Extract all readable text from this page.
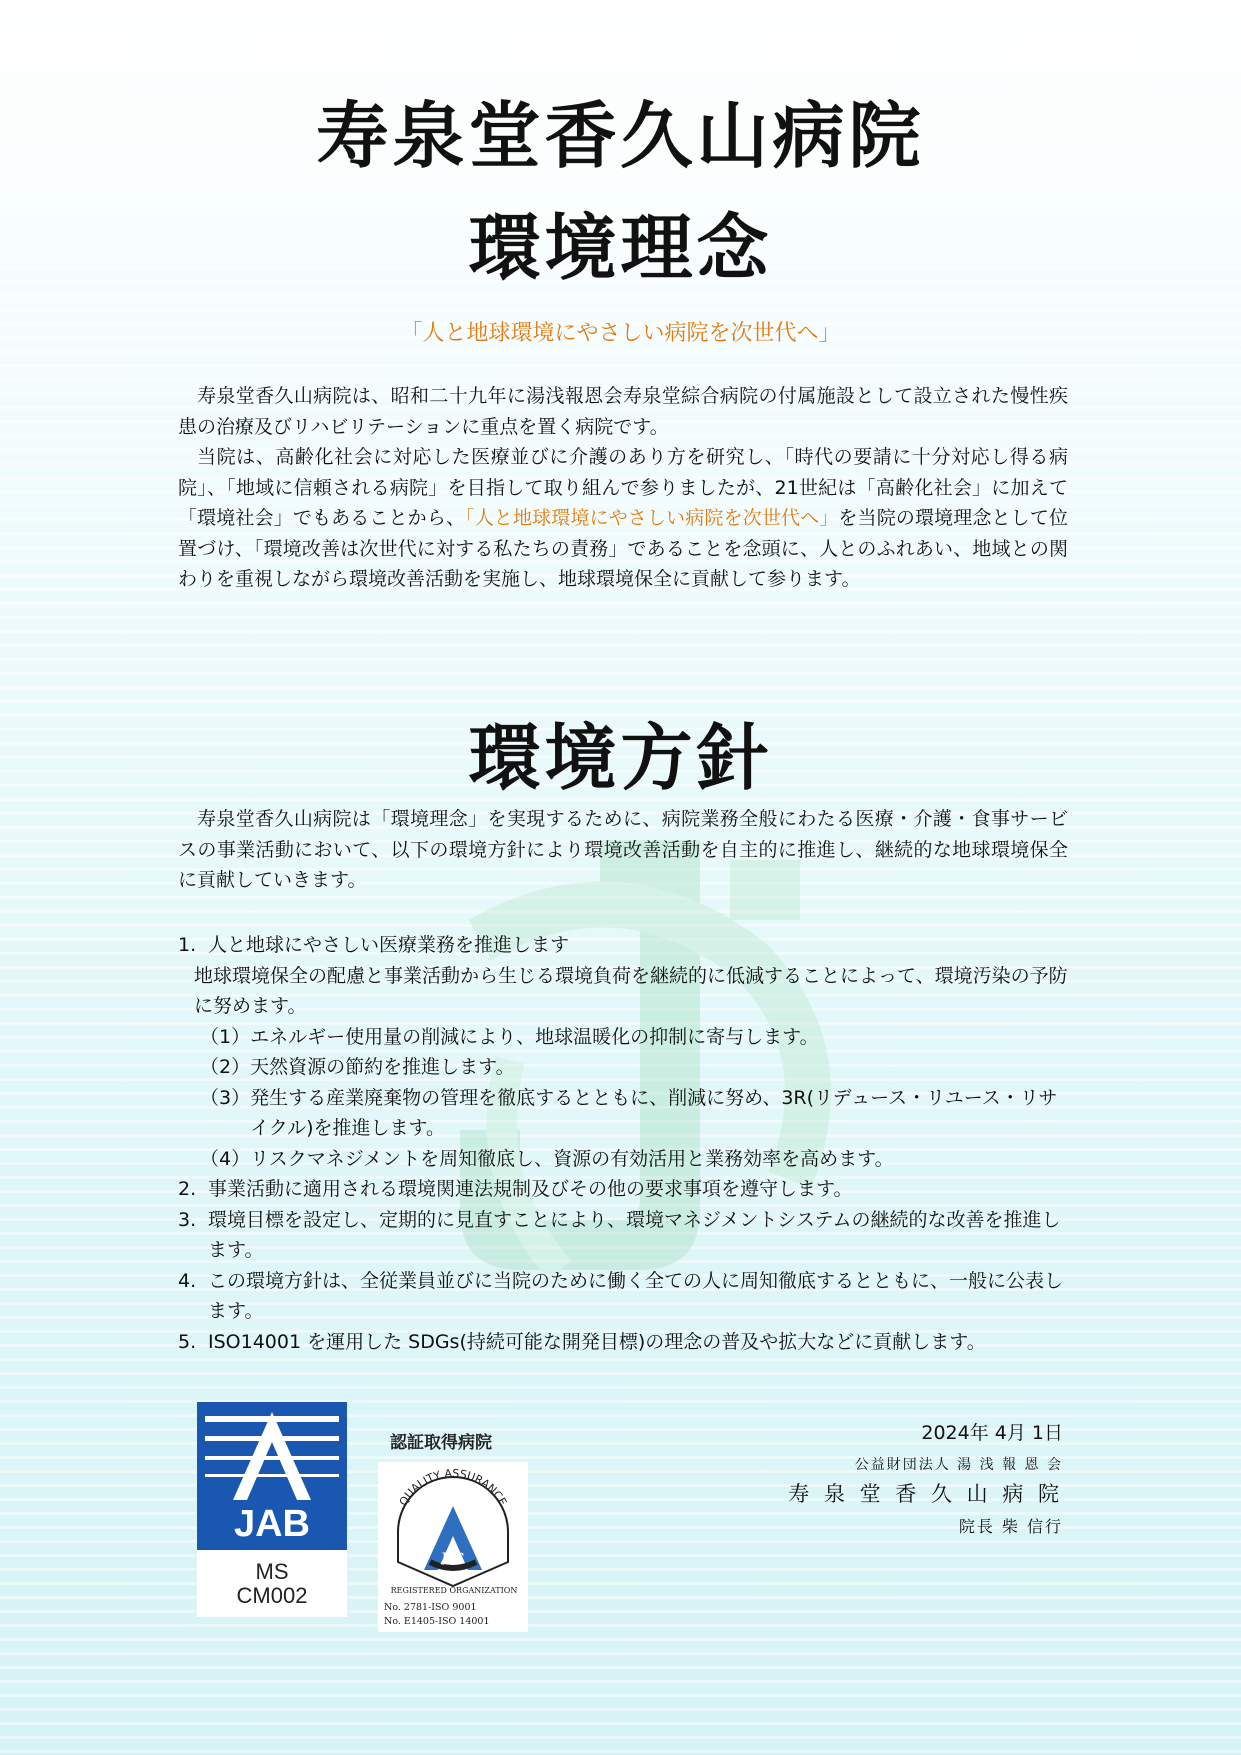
寿泉堂香久山病院
環境理念
「人と地球環境にやさしい病院を次世代へ」

寿泉堂香久山病院は、昭和二十九年に湯浅報恩会寿泉堂綜合病院の付属施設として設立された慢性疾患の治療及びリハビリテーションに重点を置く病院です。

当院は、高齢化社会に対応した医療並びに介護のあり方を研究し、「時代の要請に十分対応し得る病院」、「地域に信頼される病院」を目指して取り組んで参りましたが、21世紀は「高齢化社会」に加えて「環境社会」でもあることから、「人と地球環境にやさしい病院を次世代へ」を当院の環境理念として位置づけ、「環境改善は次世代に対する私たちの責務」であることを念頭に、人とのふれあい、地域との関わりを重視しながら環境改善活動を実施し、地球環境保全に貢献して参ります。

環境方針

寿泉堂香久山病院は「環境理念」を実現するために、病院業務全般にわたる医療・介護・食事サービスの事業活動において、以下の環境方針により環境改善活動を自主的に推進し、継続的な地球環境保全に貢献していきます。

1. 人と地球にやさしい医療業務を推進します
地球環境保全の配慮と事業活動から生じる環境負荷を継続的に低減することによって、環境汚染の予防に努めます。
（1） エネルギー使用量の削減により、地球温暖化の抑制に寄与します。
（2） 天然資源の節約を推進します。
（3） 発生する産業廃棄物の管理を徹底するとともに、削減に努め、3R(リデュース・リユース・リサイクル)を推進します。
（4） リスクマネジメントを周知徹底し、資源の有効活用と業務効率を高めます。
2. 事業活動に適用される環境関連法規制及びその他の要求事項を遵守します。
3. 環境目標を設定し、定期的に見直すことにより、環境マネジメントシステムの継続的な改善を推進します。
4. この環境方針は、全従業員並びに当院のために働く全ての人に周知徹底するとともに、一般に公表します。
5. ISO14001 を運用した SDGs(持続可能な開発目標)の理念の普及や拡大などに貢献します。
JAB
MS
CM002
認証取得病院
QUALITY ASSURANCE
JIC
REGISTERED ORGANIZATION
No. 2781-ISO 9001
No. E1405-ISO 14001
2024年 4月 1日
公益財団法人 湯 浅 報 恩 会
寿 泉 堂 香 久 山 病 院
院長 柴 信行
